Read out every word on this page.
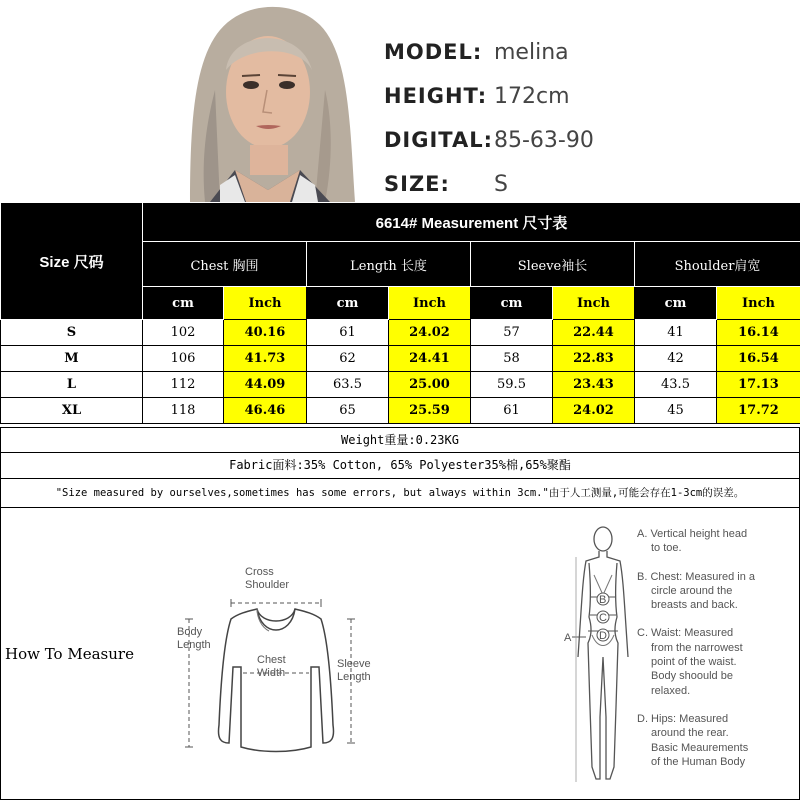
MODEL: melina
HEIGHT: 172cm
DIGITAL: 85-63-90
SIZE:	S
Size 尺码	6614# Measurement 尺寸表							
	Chest 胸围		Length 长度		Sleeve袖长		Shoulder肩宽	
	cm	Inch	cm	Inch	cm	Inch	cm	Inch
S	102	40.16	61	24.02	57	22.44	41	16.14
M	106	41.73	62	24.41	58	22.83	42	16.54
L	112	44.09	63.5	25.00	59.5	23.43	43.5	17.13
XL	118	46.46	65	25.59	61	24.02	45	17.72
Weight重量:0.23KG
Fabric面料:35% Cotton, 65% Polyester35%棉,65%聚酯
"Size measured by ourselves,sometimes has some errors, but always within 3cm."由于人工测量,可能会存在1-3cm的误差。
How To Measure
Cross
Shoulder
Body
Length
Chest
Width
Sleeve
Length
A
B
C
D
A. Vertical height head
to toe.
B. Chest: Measured in a
circle around the
breasts and back.
C. Waist: Measured
from the narrowest
point of the waist.
Body shoould be
relaxed.
D. Hips: Measured
around the rear.
Basic Meaurements
of the Human Body
